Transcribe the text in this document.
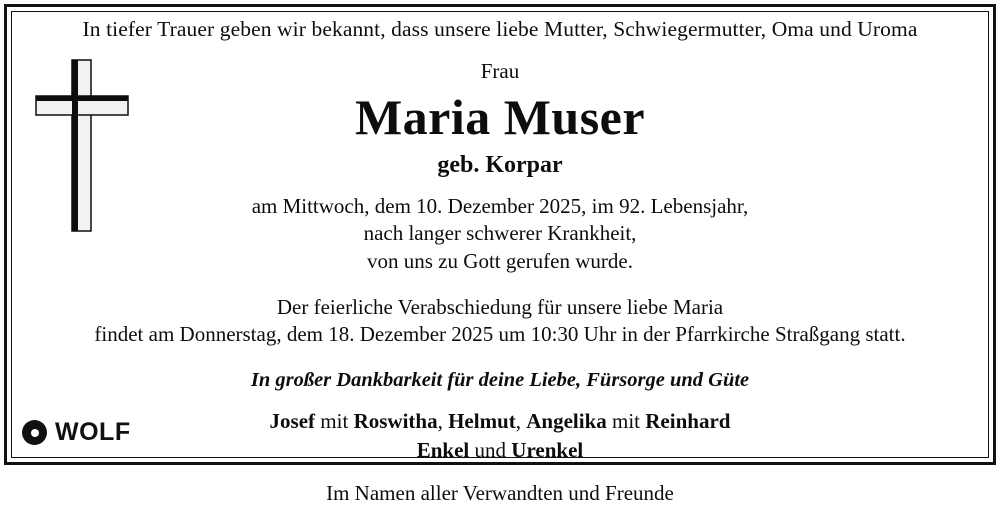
In tiefer Trauer geben wir bekannt, dass unsere liebe Mutter, Schwiegermutter, Oma und Uroma
Frau
Maria Muser
geb. Korpar
am Mittwoch, dem 10. Dezember 2025, im 92. Lebensjahr,
nach langer schwerer Krankheit,
von uns zu Gott gerufen wurde.
Der feierliche Verabschiedung für unsere liebe Maria
findet am Donnerstag, dem 18. Dezember 2025 um 10:30 Uhr in der Pfarrkirche Straßgang statt.
In großer Dankbarkeit für deine Liebe, Fürsorge und Güte
Josef mit Roswitha, Helmut, Angelika mit Reinhard
Enkel und Urenkel
Im Namen aller Verwandten und Freunde
WOLF
